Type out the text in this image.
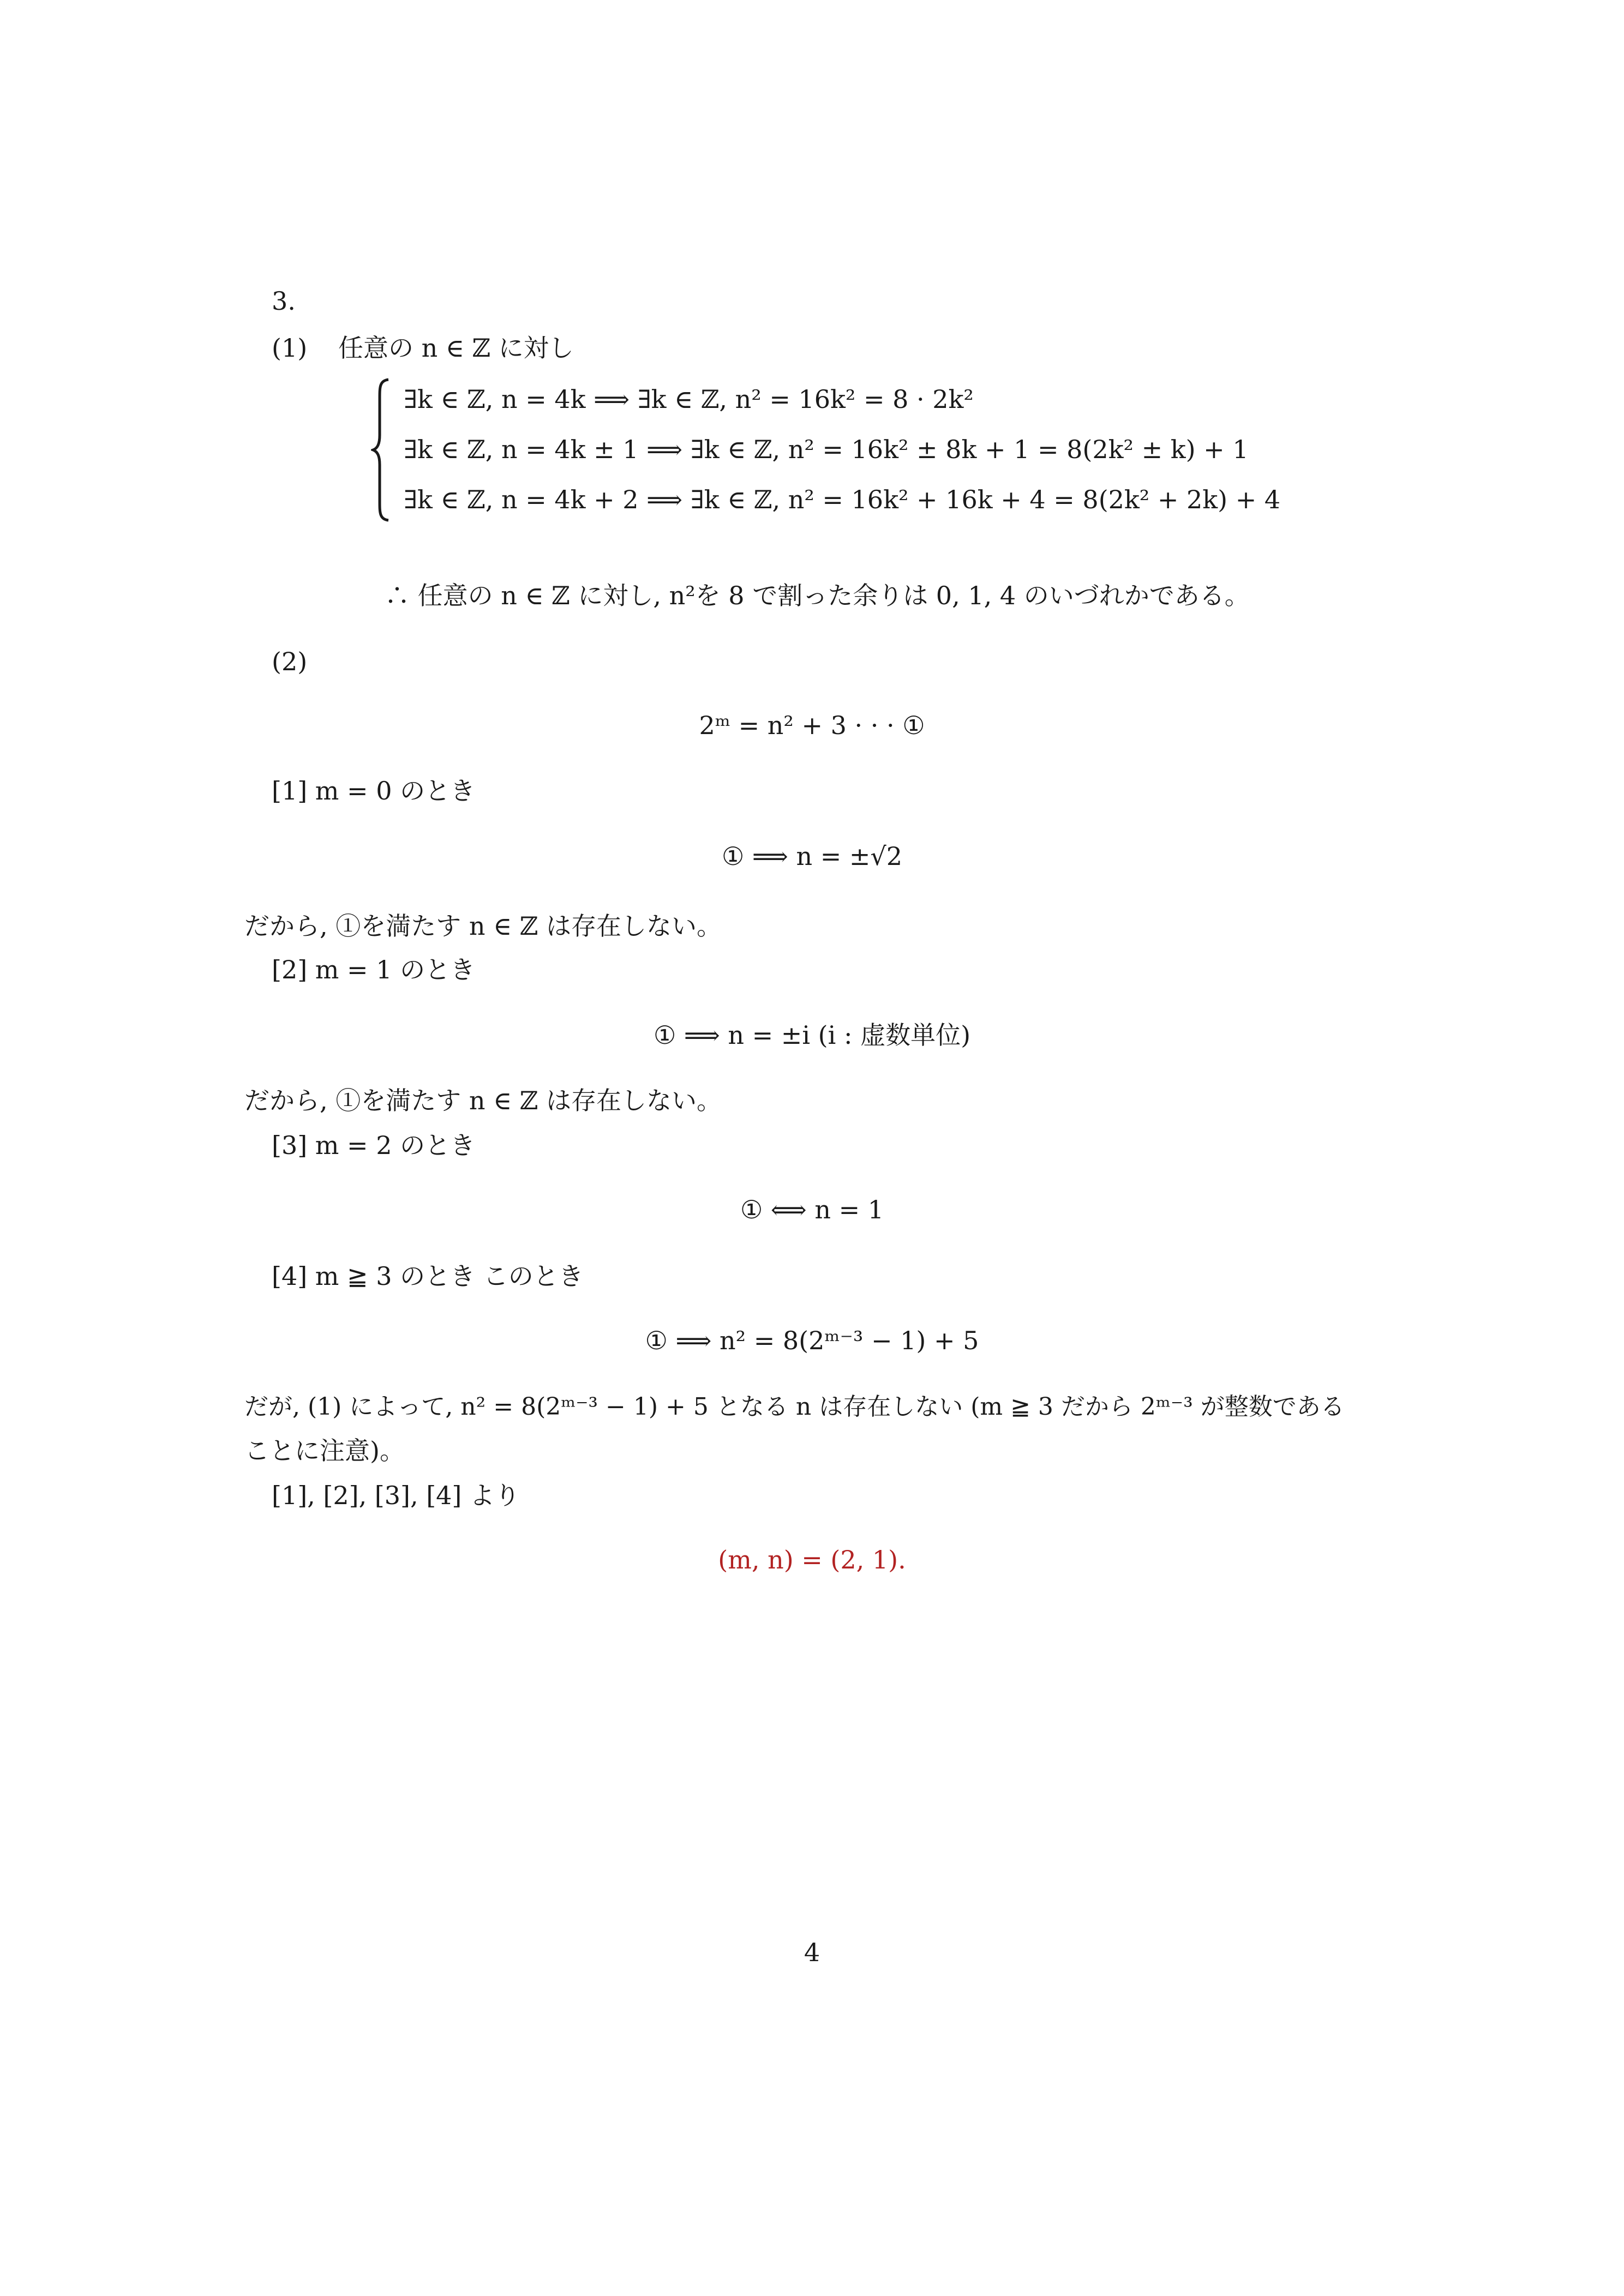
3.
(1) 任意の n ∈ ℤ に対し
∃k ∈ ℤ, n = 4k ⟹ ∃k ∈ ℤ, n² = 16k² = 8 · 2k²
∃k ∈ ℤ, n = 4k ± 1 ⟹ ∃k ∈ ℤ, n² = 16k² ± 8k + 1 = 8(2k² ± k) + 1
∃k ∈ ℤ, n = 4k + 2 ⟹ ∃k ∈ ℤ, n² = 16k² + 16k + 4 = 8(2k² + 2k) + 4
∴ 任意の n ∈ ℤ に対し, n²を 8 で割った余りは 0, 1, 4 のいづれかである。
(2)
2ᵐ = n² + 3 · · · ①
[1] m = 0 のとき
① ⟹ n = ±√2
だから, ①を満たす n ∈ ℤ は存在しない。
[2] m = 1 のとき
① ⟹ n = ±i (i : 虚数単位)
だから, ①を満たす n ∈ ℤ は存在しない。
[3] m = 2 のとき
① ⟺ n = 1
[4] m ≧ 3 のとき このとき
① ⟹ n² = 8(2ᵐ⁻³ − 1) + 5
だが, (1) によって, n² = 8(2ᵐ⁻³ − 1) + 5 となる n は存在しない (m ≧ 3 だから 2ᵐ⁻³ が整数である
ことに注意)。
[1], [2], [3], [4] より
(m, n) = (2, 1).
4
